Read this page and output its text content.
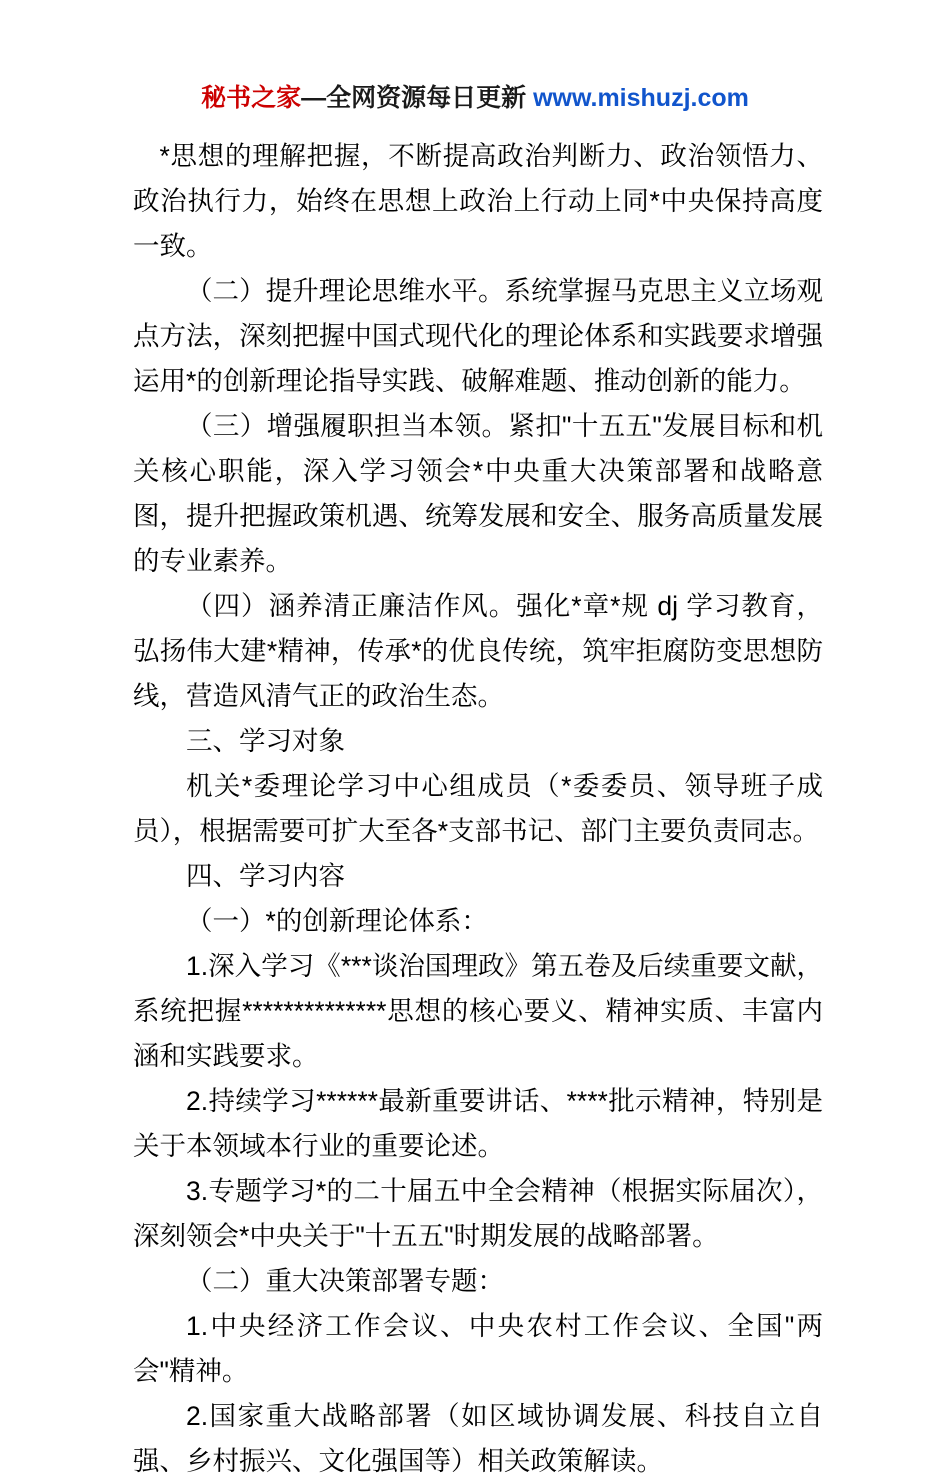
秘书之家—全网资源每日更新 www.mishuzj.com

*思想的理解把握，不断提高政治判断力、政治领悟力、政治执行力，始终在思想上政治上行动上同*中央保持高度一致。

（二）提升理论思维水平。系统掌握马克思主义立场观点方法，深刻把握中国式现代化的理论体系和实践要求增强运用*的创新理论指导实践、破解难题、推动创新的能力。

（三）增强履职担当本领。紧扣"十五五"发展目标和机关核心职能，深入学习领会*中央重大决策部署和战略意图，提升把握政策机遇、统筹发展和安全、服务高质量发展的专业素养。

（四）涵养清正廉洁作风。强化*章*规 dj 学习教育，弘扬伟大建*精神，传承*的优良传统，筑牢拒腐防变思想防线，营造风清气正的政治生态。

三、学习对象

机关*委理论学习中心组成员（*委委员、领导班子成员），根据需要可扩大至各*支部书记、部门主要负责同志。

四、学习内容

（一）*的创新理论体系：

1.深入学习《***谈治国理政》第五卷及后续重要文献，系统把握**************思想的核心要义、精神实质、丰富内涵和实践要求。

2.持续学习******最新重要讲话、****批示精神，特别是关于本领域本行业的重要论述。

3.专题学习*的二十届五中全会精神（根据实际届次），深刻领会*中央关于"十五五"时期发展的战略部署。

（二）重大决策部署专题：

1.中央经济工作会议、中央农村工作会议、全国"两会"精神。

2.国家重大战略部署（如区域协调发展、科技自立自强、乡村振兴、文化强国等）相关政策解读。
